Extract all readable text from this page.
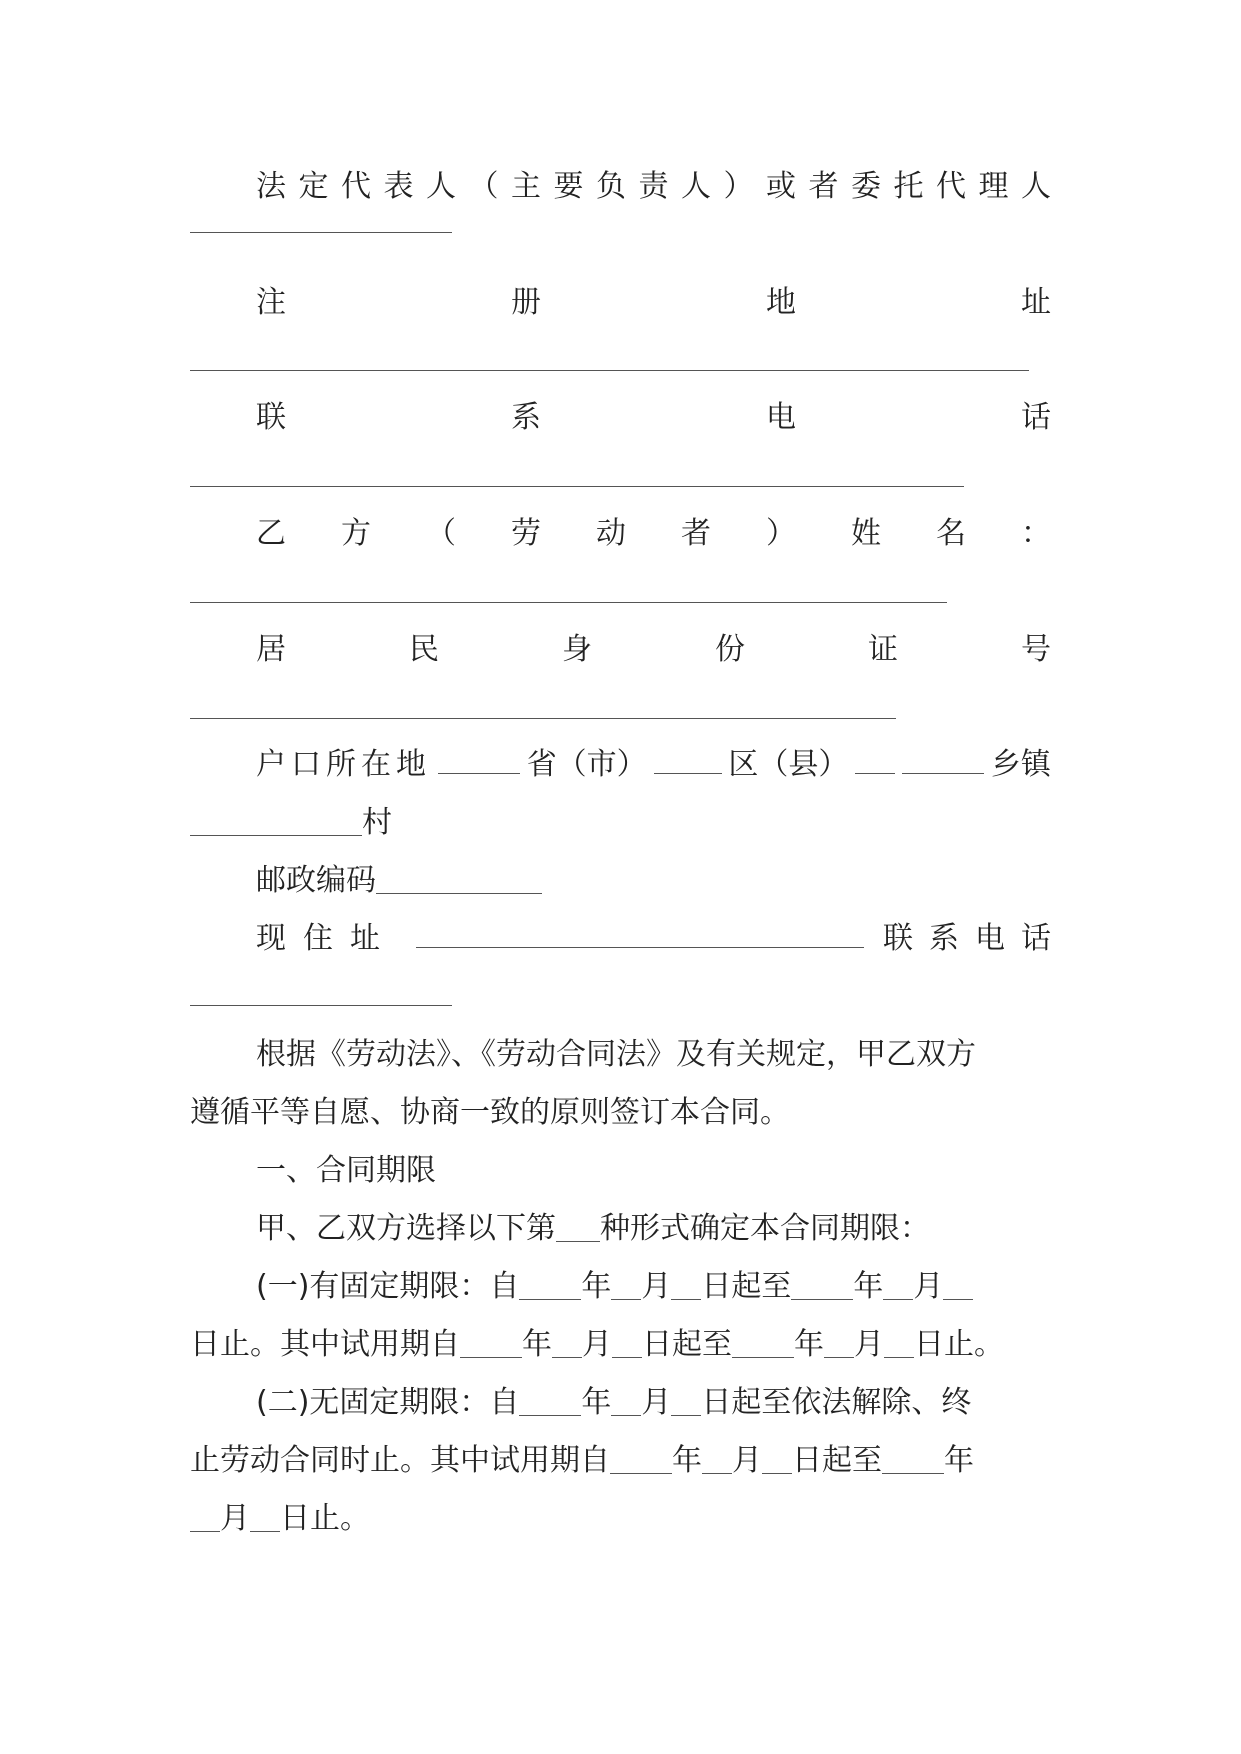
法 定 代 表 人 （ 主 要 负 责 人 ） 或 者 委 托 代 理 人
注	册	地	址
联	系	电	话
乙 方 （ 劳 动 者 ） 姓 名 ：
居	民	身	份	证	号
户口所在地	省（市）	区（县）	乡镇
村
邮政编码
现住址	联系电话
根据《劳动法》、《劳动合同法》及有关规定，甲乙双方
遵循平等自愿、协商一致的原则签订本合同。
一、合同期限
甲、乙双方选择以下第 种形式确定本合同期限：
(一)有固定期限：自 年 月 日起至 年 月
日止。其中试用期自 年 月 日起至 年 月 日止。
(二)无固定期限：自 年 月 日起至依法解除、终
止劳动合同时止。其中试用期自 年 月 日起至 年
月 日止。
